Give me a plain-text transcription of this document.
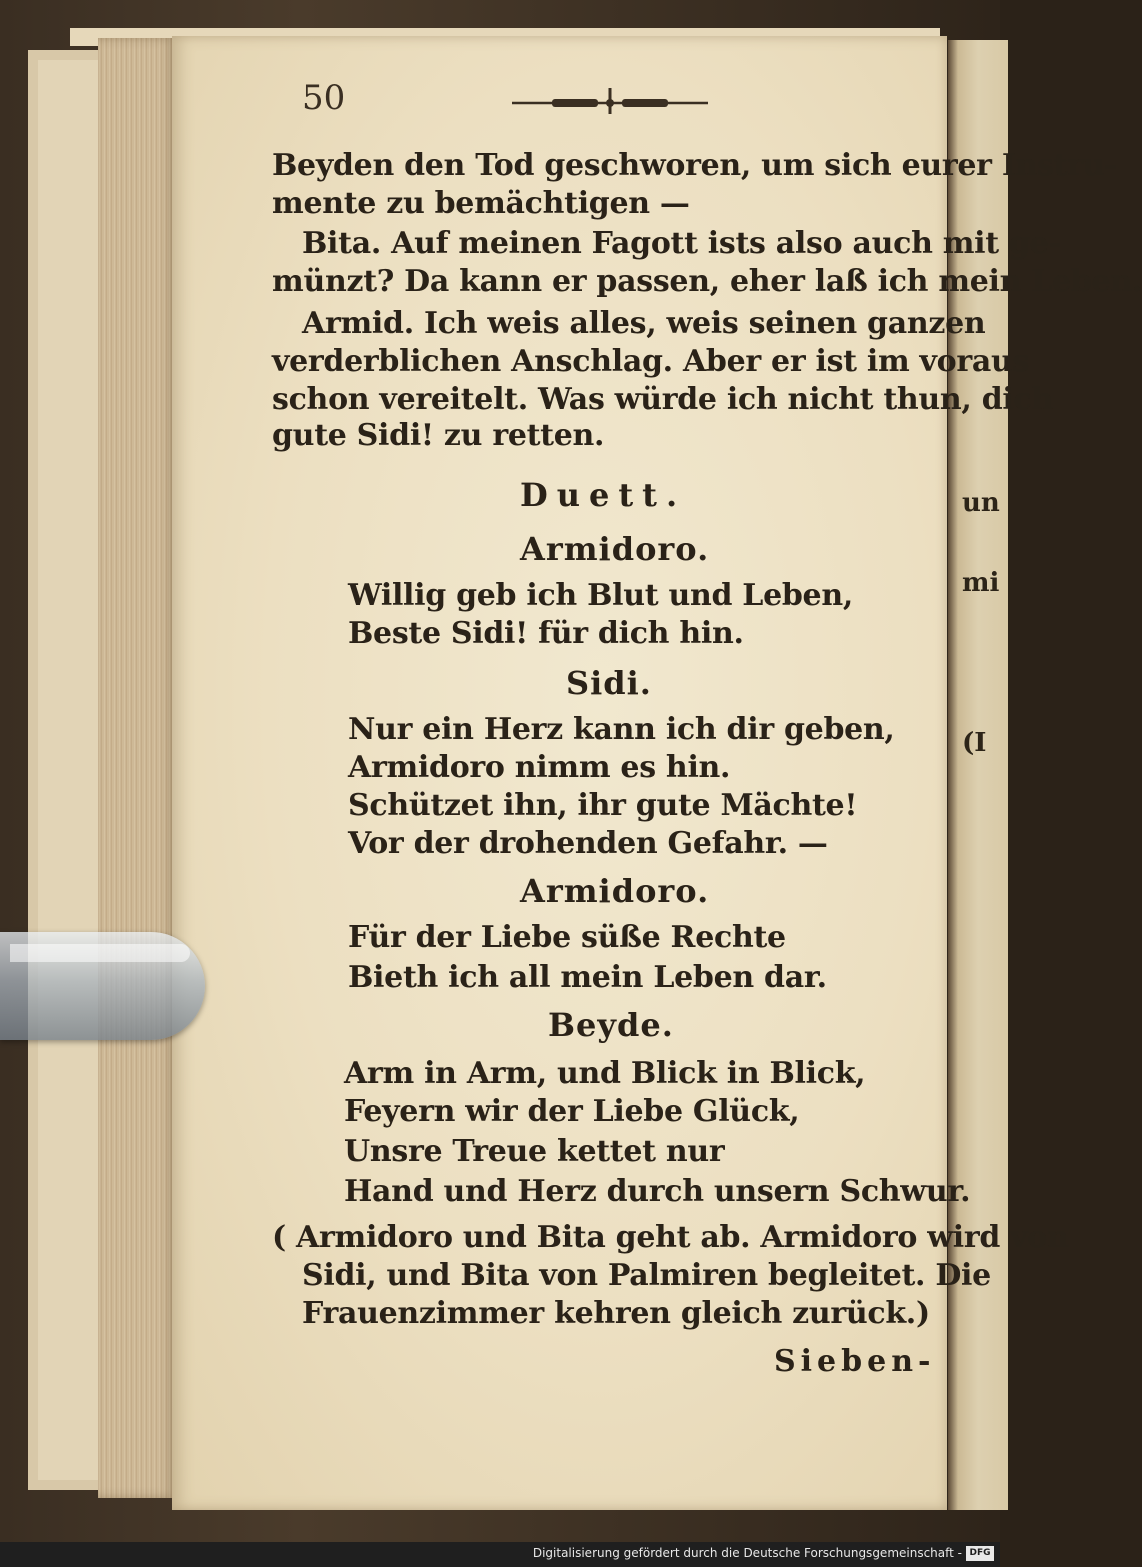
un
mi
(I
50
Beyden den Tod geschworen, um sich eurer Instru-
mente zu bemächtigen —
Bita. Auf meinen Fagott ists also auch mit ge-
münzt? Da kann er passen, eher laß ich mein Leben.
Armid. Ich weis alles, weis seinen ganzen
verderblichen Anschlag. Aber er ist im voraus
schon vereitelt. Was würde ich nicht thun, dich
gute Sidi! zu retten.
Duett.
Armidoro.
Willig geb ich Blut und Leben,
Beste Sidi! für dich hin.
Sidi.
Nur ein Herz kann ich dir geben,
Armidoro nimm es hin.
Schützet ihn, ihr gute Mächte!
Vor der drohenden Gefahr. —
Armidoro.
Für der Liebe süße Rechte
Bieth ich all mein Leben dar.
Beyde.
Arm in Arm, und Blick in Blick,
Feyern wir der Liebe Glück,
Unsre Treue kettet nur
Hand und Herz durch unsern Schwur.
( Armidoro und Bita geht ab. Armidoro wird von
Sidi, und Bita von Palmiren begleitet. Die
Frauenzimmer kehren gleich zurück.)
Sieben-
Digitalisierung gefördert durch die Deutsche Forschungsgemeinschaft - DFG
